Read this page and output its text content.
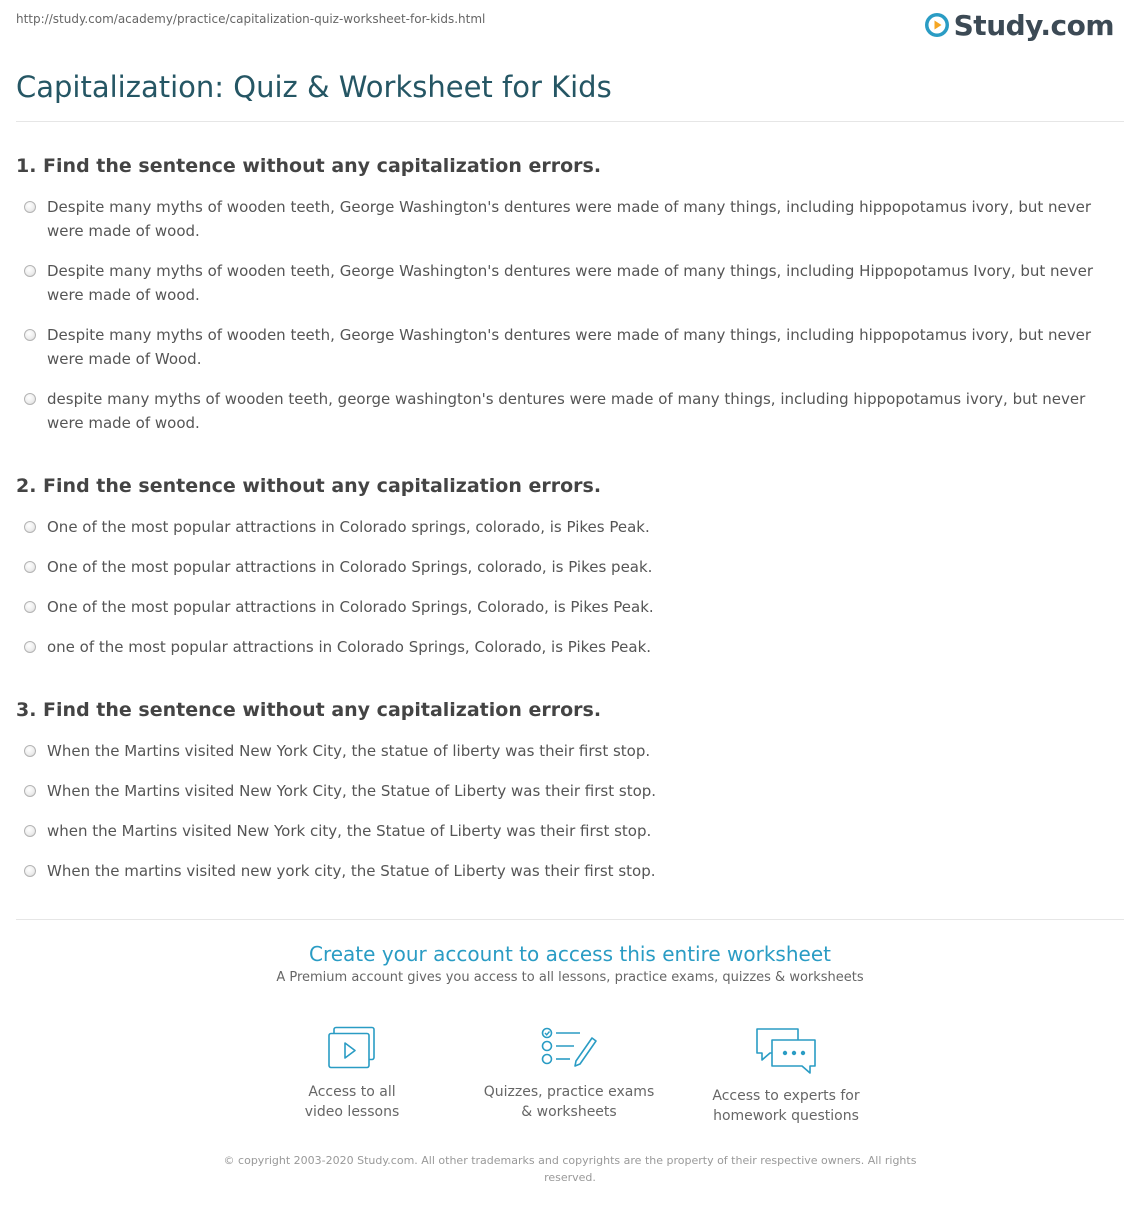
http://study.com/academy/practice/capitalization-quiz-worksheet-for-kids.html	Study.com
Capitalization: Quiz & Worksheet for Kids
1. Find the sentence without any capitalization errors.
Despite many myths of wooden teeth, George Washington's dentures were made of many things, including hippopotamus ivory, but never were made of wood.
Despite many myths of wooden teeth, George Washington's dentures were made of many things, including Hippopotamus Ivory, but never were made of wood.
Despite many myths of wooden teeth, George Washington's dentures were made of many things, including hippopotamus ivory, but never were made of Wood.
despite many myths of wooden teeth, george washington's dentures were made of many things, including hippopotamus ivory, but never were made of wood.
2. Find the sentence without any capitalization errors.
One of the most popular attractions in Colorado springs, colorado, is Pikes Peak.
One of the most popular attractions in Colorado Springs, colorado, is Pikes peak.
One of the most popular attractions in Colorado Springs, Colorado, is Pikes Peak.
one of the most popular attractions in Colorado Springs, Colorado, is Pikes Peak.
3. Find the sentence without any capitalization errors.
When the Martins visited New York City, the statue of liberty was their first stop.
When the Martins visited New York City, the Statue of Liberty was their first stop.
when the Martins visited New York city, the Statue of Liberty was their first stop.
When the martins visited new york city, the Statue of Liberty was their first stop.
Create your account to access this entire worksheet
A Premium account gives you access to all lessons, practice exams, quizzes & worksheets
Access to all
video lessons
Quizzes, practice exams
& worksheets
Access to experts for
homework questions
© copyright 2003-2020 Study.com. All other trademarks and copyrights are the property of their respective owners. All rights reserved.
